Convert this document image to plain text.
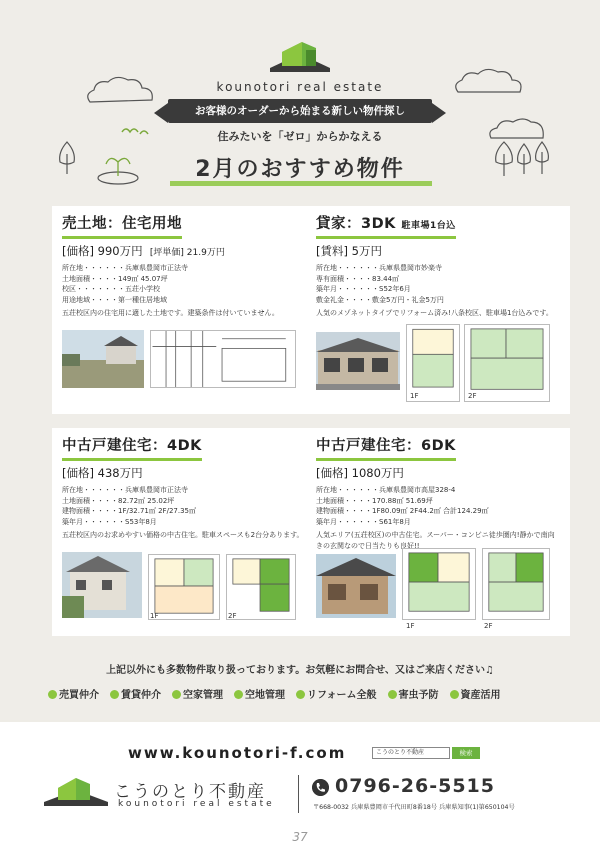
kounotori real estate
お客様のオーダーから始まる新しい物件探し
住みたいを「ゼロ」からかなえる
2月のおすすめ物件
売土地：住宅用地
[価格] 990万円 [坪単価] 21.9万円
所在地・・・・・・兵庫県豊岡市正法寺
土地面積・・・・149㎡ 45.07坪
校区・・・・・・・五荘小学校
用途地域・・・・第一種住居地域
五荘校区内の住宅用に適した土地です。建築条件は付いていません。
貸家：3DK 駐車場1台込
[賃料] 5万円
所在地・・・・・・兵庫県豊岡市妙楽寺
専有面積・・・・83.44㎡
築年月・・・・・・S52年6月
敷金礼金・・・・敷金5万円・礼金5万円
人気のメゾネットタイプでリフォーム済み!八条校区、駐車場1台込みです。
1F	2F
中古戸建住宅：4DK
[価格] 438万円
所在地・・・・・・兵庫県豊岡市正法寺
土地面積・・・・82.72㎡ 25.02坪
建物面積・・・・1F/32.71㎡ 2F/27.35㎡
築年月・・・・・・S53年8月
五荘校区内のお求めやすい価格の中古住宅。駐車スペースも2台分あります。
1F	2F
中古戸建住宅：6DK
[価格] 1080万円
所在地・・・・・・兵庫県豊岡市高屋328-4
土地面積・・・・170.88㎡ 51.69坪
建物面積・・・・1F80.09㎡ 2F44.2㎡ 合計124.29㎡
築年月・・・・・・S61年8月
人気エリア(五荘校区)の中古住宅。スーパー・コンビニ徒歩圏内!静かで南向きの玄関なので日当たりも良好!!
1F	2F
上記以外にも多数物件取り扱っております。お気軽にお問合せ、又はご来店ください♫
売買仲介	賃貸仲介	空家管理	空地管理	リフォーム全般	害虫予防	資産活用
www.kounotori-f.com	こうのとり不動産	検索
こうのとり不動産
kounotori real estate
0796-26-5515
〒668-0032 兵庫県豊岡市千代田町8番18号 兵庫県知事(1)第650104号
37
